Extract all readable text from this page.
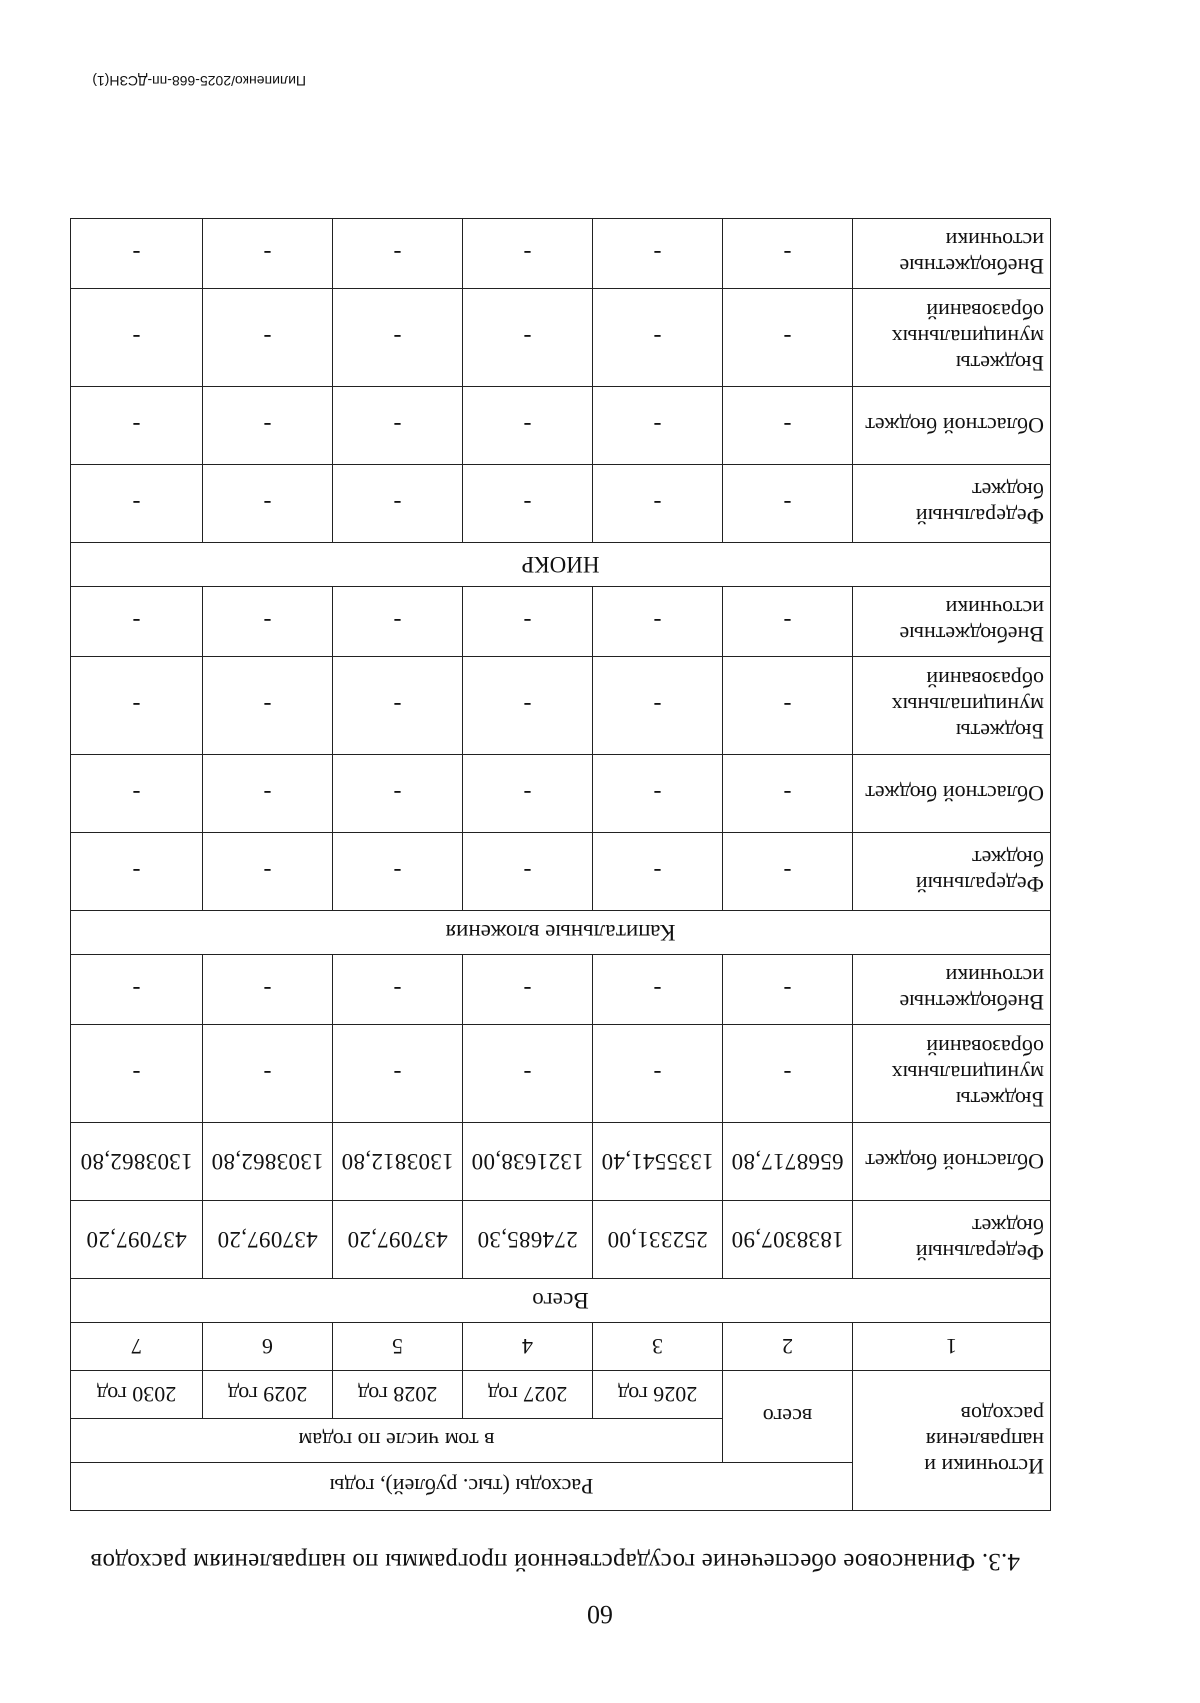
60
4.3. Финансовое обеспечение государственной программы по направлениям расходов
Источники и направления расходов	Расходы (тыс. рублей), годы					
	всего	в том числе по годам				
		2026 год	2027 год	2028 год	2029 год	2030 год
1	2	3	4	5	6	7
Всего						
Федеральный бюджет	1838307,90	252331,00	274685,30	437097,20	437097,20	437097,20
Областной бюджет	6568717,80	1335541,40	1321638,00	1303812,80	1303862,80	1303862,80
Бюджеты муниципальных образований	-	-	-	-	-	-
Внебюджетные источники	-	-	-	-	-	-
Капитальные вложения						
Федеральный бюджет	-	-	-	-	-	-
Областной бюджет	-	-	-	-	-	-
Бюджеты муниципальных образований	-	-	-	-	-	-
Внебюджетные источники	-	-	-	-	-	-
НИОКР						
Федеральный бюджет	-	-	-	-	-	-
Областной бюджет	-	-	-	-	-	-
Бюджеты муниципальных образований	-	-	-	-	-	-
Внебюджетные источники	-	-	-	-	-	-
Пилипенко/2025-668-пп-ДСЗН(1)
